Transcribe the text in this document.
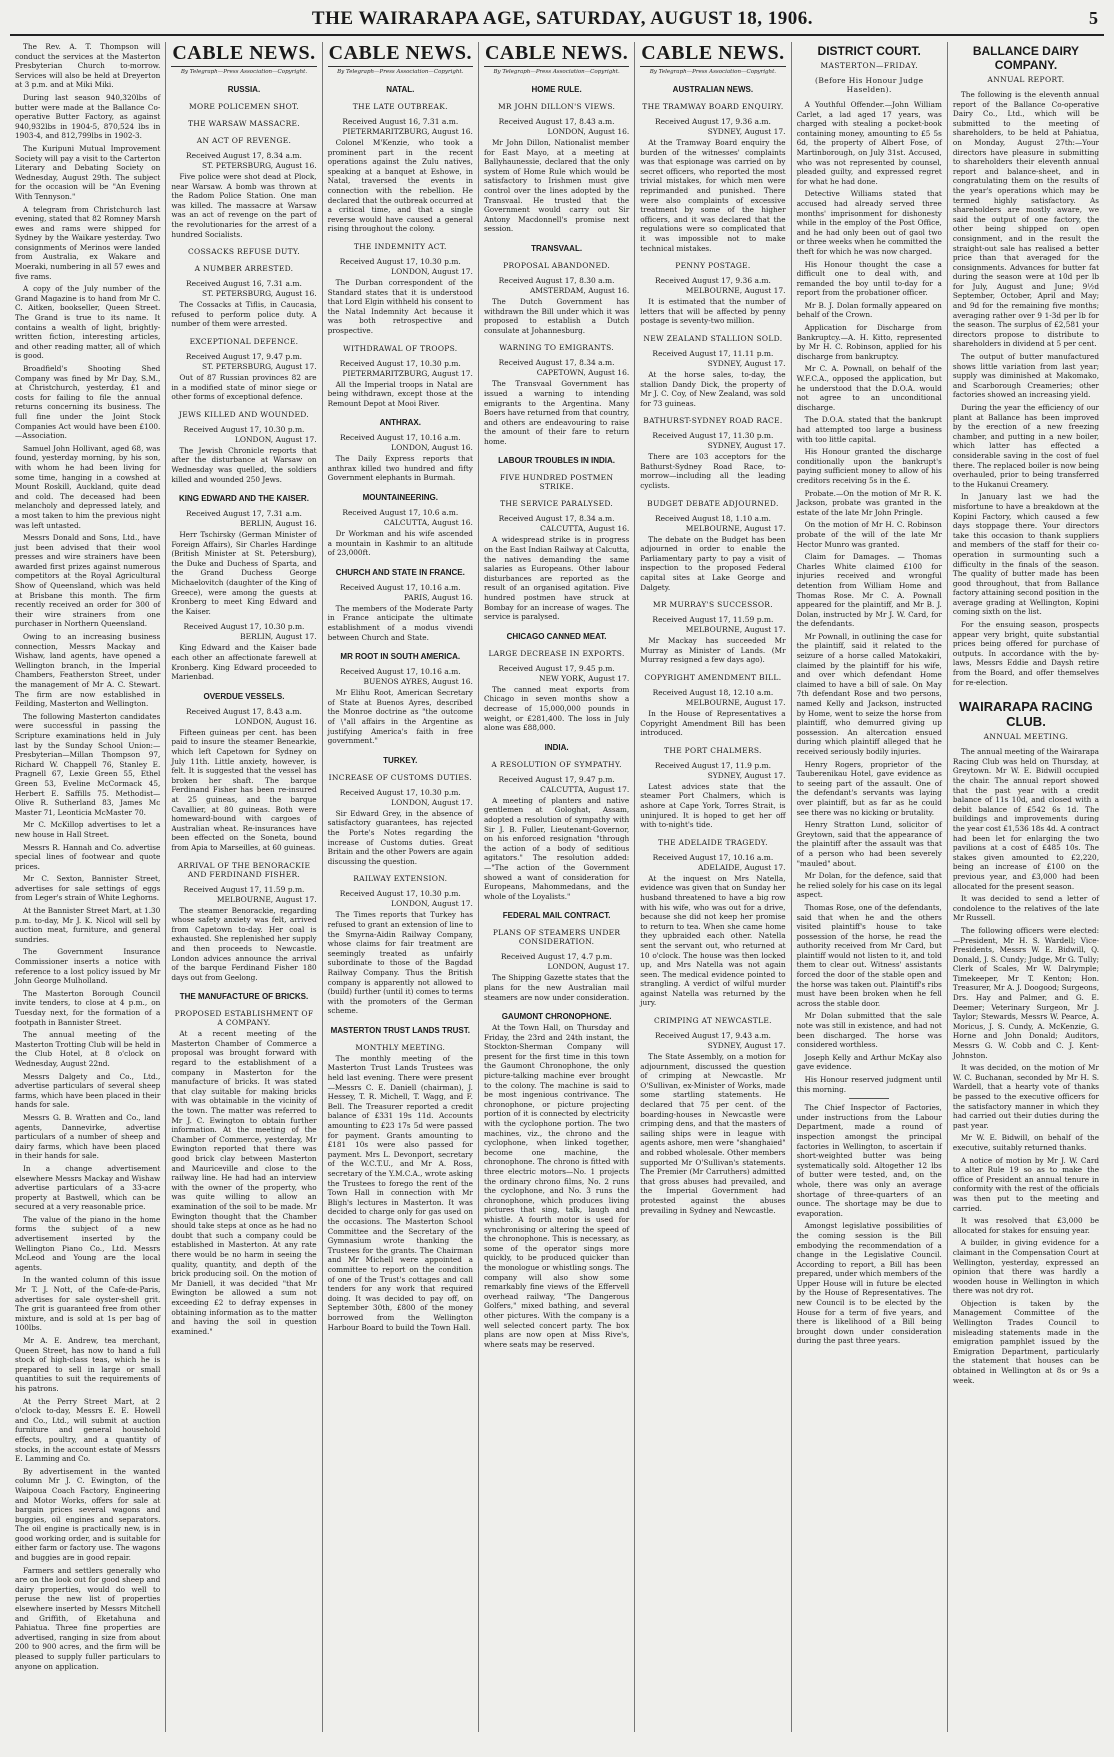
THE WAIRARAPA AGE, SATURDAY, AUGUST 18, 1906.	5

The Rev. A. T. Thompson will conduct the services at the Masterton Presbyterian Church to-morrow. Services will also be held at Dreyerton at 3 p.m. and at Miki Miki.

During last season 940,320lbs of butter were made at the Ballance Co-operative Butter Factory, as against 940,932lbs in 1904-5, 870,524 lbs in 1903-4, and 812,799lbs in 1902-3.

The Kuripuni Mutual Improvement Society will pay a visit to the Carterton Literary and Debating Society on Wednesday, August 29th. The subject for the occasion will be "An Evening With Tennyson."

A telegram from Christchurch last evening, stated that 82 Romney Marsh ewes and rams were shipped for Sydney by the Waikare yesterday. Two consignments of Merinos were landed from Australia, ex Wakare and Moeraki, numbering in all 57 ewes and five rams.

A copy of the July number of the Grand Magazine is to hand from Mr C. C. Aitken, bookseller, Queen Street. The Grand is true to its name. It contains a wealth of light, brightly-written fiction, interesting articles, and other reading matter, all of which is good.

Broadfield's Shooting Shed Company was fined by Mr Day, S.M., at Christchurch, yesterday, £1 and costs for failing to file the annual returns concerning its business. The full fine under the Joint Stock Companies Act would have been £100.—Association.

Samuel John Hollivant, aged 68, was found, yesterday morning, by his son, with whom he had been living for some time, hanging in a cowshed at Mount Roskill, Auckland, quite dead and cold. The deceased had been melancholy and depressed lately, and a most taken to him the previous night was left untasted.

Messrs Donald and Sons, Ltd., have just been advised that their wool presses and wire strainers have been awarded first prizes against numerous competitors at the Royal Agricultural Show of Queensland, which was held at Brisbane this month. The firm recently received an order for 300 of their wire strainers from one purchaser in Northern Queensland.

Owing to an increasing business connection, Messrs Mackay and Wishaw, land agents, have opened a Wellington branch, in the Imperial Chambers, Featherston Street, under the management of Mr A. C. Stewart. The firm are now established in Feilding, Masterton and Wellington.

The following Masterton candidates were successful in passing the Scripture examinations held in July last by the Sunday School Union:—Presbyterian—Millan Thompson 97, Richard W. Chappell 76, Stanley E. Pragnell 67, Lexie Green 55, Ethel Green 53, Eveline McCormack 45, Herbert E. Saffills 75. Methodist—Olive R. Sutherland 83, James Mc Master 71, Leonticia McMaster 70.

Mr C. McKillop advertises to let a new house in Hall Street.

Messrs R. Hannah and Co. advertise special lines of footwear and quote prices.

Mr C. Sexton, Bannister Street, advertises for sale settings of eggs from Leger's strain of White Leghorns.

At the Bannister Street Mart, at 1.30 p.m. to-day, Mr J. K. Nicol will sell by auction meat, furniture, and general sundries.

The Government Insurance Commissioner inserts a notice with reference to a lost policy issued by Mr John George Mulholland.

The Masterton Borough Council invite tenders, to close at 4 p.m., on Tuesday next, for the formation of a footpath in Bannister Street.

The annual meeting of the Masterton Trotting Club will be held in the Club Hotel, at 8 o'clock on Wednesday, August 22nd.

Messrs Dalgety and Co., Ltd., advertise particulars of several sheep farms, which have been placed in their hands for sale.

Messrs G. B. Wratten and Co., land agents, Dannevirke, advertise particulars of a number of sheep and dairy farms, which have been placed in their hands for sale.

In a change advertisement elsewhere Messrs Mackay and Wishaw advertise particulars of a 33-acre property at Bastwell, which can be secured at a very reasonable price.

The value of the piano in the home forms the subject of a new advertisement inserted by the Wellington Piano Co., Ltd. Messrs McLeod and Young are the local agents.

In the wanted column of this issue Mr T. J. Nott, of the Cafe-de-Paris, advertises for sale oyster-shell grit. The grit is guaranteed free from other mixture, and is sold at 1s per bag of 100lbs.

Mr A. E. Andrew, tea merchant, Queen Street, has now to hand a full stock of high-class teas, which he is prepared to sell in large or small quantities to suit the requirements of his patrons.

At the Perry Street Mart, at 2 o'clock to-day, Messrs E. E. Howell and Co., Ltd., will submit at auction furniture and general household effects, poultry, and a quantity of stocks, in the account estate of Messrs E. Lamming and Co.

By advertisement in the wanted column Mr J. C. Ewington, of the Waipoua Coach Factory, Engineering and Motor Works, offers for sale at bargain prices several wagons and buggies, oil engines and separators. The oil engine is practically new, is in good working order, and is suitable for either farm or factory use. The wagons and buggies are in good repair.

Farmers and settlers generally who are on the look out for good sheep and dairy properties, would do well to peruse the new list of properties elsewhere inserted by Messrs Mitchell and Griffith, of Eketahuna and Pahiatua. Three fine properties are advertised, ranging in size from about 200 to 900 acres, and the firm will be pleased to supply fuller particulars to anyone on application.

CABLE NEWS.
By Telegraph—Press Association—Copyright.
RUSSIA.
MORE POLICEMEN SHOT.
THE WARSAW MASSACRE.
AN ACT OF REVENGE.
Received August 17, 8.34 a.m.
ST. PETERSBURG, August 16.

Five police were shot dead at Plock, near Warsaw. A bomb was thrown at the Radom Police Station. One man was killed. The massacre at Warsaw was an act of revenge on the part of the revolutionaries for the arrest of a hundred Socialists.

COSSACKS REFUSE DUTY.
A NUMBER ARRESTED.
Received August 16, 7.31 a.m.
ST. PETERSBURG, August 16.

The Cossacks at Tiflis, in Caucasia, refused to perform police duty. A number of them were arrested.

EXCEPTIONAL DEFENCE.
Received August 17, 9.47 p.m.
ST. PETERSBURG, August 17.

Out of 87 Russian provinces 82 are in a modified state of minor siege or other forms of exceptional defence.

JEWS KILLED AND WOUNDED.
Received August 17, 10.30 p.m.
LONDON, August 17.

The Jewish Chronicle reports that after the disturbance at Warsaw on Wednesday was quelled, the soldiers killed and wounded 250 Jews.

KING EDWARD AND THE KAISER.
Received August 17, 7.31 a.m.
BERLIN, August 16.

Herr Tschirsky (German Minister of Foreign Affairs), Sir Charles Hardinge (British Minister at St. Petersburg), the Duke and Duchess of Sparta, and the Grand Duchess George Michaelovitch (daughter of the King of Greece), were among the guests at Kronberg to meet King Edward and the Kaiser.

Received August 17, 10.30 p.m.
BERLIN, August 17.

King Edward and the Kaiser bade each other an affectionate farewell at Kronberg. King Edward proceeded to Marienbad.

OVERDUE VESSELS.
Received August 17, 8.43 a.m.
LONDON, August 16.

Fifteen guineas per cent. has been paid to insure the steamer Benearkie, which left Capetown for Sydney on July 11th. Little anxiety, however, is felt. It is suggested that the vessel has broken her shaft. The barque Ferdinand Fisher has been re-insured at 25 guineas, and the barque Cavallier, at 80 guineas. Both were homeward-bound with cargoes of Australian wheat. Re-insurances have been effected on the Soneta, bound from Apia to Marseilles, at 60 guineas.

ARRIVAL OF THE BENORACKIE AND FERDINAND FISHER.
Received August 17, 11.59 p.m.
MELBOURNE, August 17.

The steamer Benorackie, regarding whose safety anxiety was felt, arrived from Capetown to-day. Her coal is exhausted. She replenished her supply and then proceeds to Newcastle. London advices announce the arrival of the barque Ferdinand Fisher 180 days out from Geelong.

THE MANUFACTURE OF BRICKS.
PROPOSED ESTABLISHMENT OF A COMPANY.

At a recent meeting of the Masterton Chamber of Commerce a proposal was brought forward with regard to the establishment of a company in Masterton for the manufacture of bricks. It was stated that clay suitable for making bricks with was obtainable in the vicinity of the town. The matter was referred to Mr J. C. Ewington to obtain further information. At the meeting of the Chamber of Commerce, yesterday, Mr Ewington reported that there was good brick clay between Masterton and Mauriceville and close to the railway line. He had had an interview with the owner of the property, who was quite willing to allow an examination of the soil to be made. Mr Ewington thought that the Chamber should take steps at once as he had no doubt that such a company could be established in Masterton. At any rate there would be no harm in seeing the quality, quantity, and depth of the brick producing soil. On the motion of Mr Daniell, it was decided "that Mr Ewington be allowed a sum not exceeding £2 to defray expenses in obtaining information as to the matter and having the soil in question examined."

CABLE NEWS.
By Telegraph—Press Association—Copyright.
NATAL.
THE LATE OUTBREAK.
Received August 16, 7.31 a.m.
PIETERMARITZBURG, August 16.

Colonel M'Kenzie, who took a prominent part in the recent operations against the Zulu natives, speaking at a banquet at Eshowe, in Natal, traversed the events in connection with the rebellion. He declared that the outbreak occurred at a critical time, and that a single reverse would have caused a general rising throughout the colony.

THE INDEMNITY ACT.
Received August 17, 10.30 p.m.
LONDON, August 17.

The Durban correspondent of the Standard states that it is understood that Lord Elgin withheld his consent to the Natal Indemnity Act because it was both retrospective and prospective.

WITHDRAWAL OF TROOPS.
Received August 17, 10.30 p.m.
PIETERMARITZBURG, August 17.

All the Imperial troops in Natal are being withdrawn, except those at the Remount Depot at Mooi River.

ANTHRAX.
Received August 17, 10.16 a.m.
LONDON, August 16.

The Daily Express reports that anthrax killed two hundred and fifty Government elephants in Burmah.

MOUNTAINEERING.
Received August 17, 10.6 a.m.
CALCUTTA, August 16.

Dr Workman and his wife ascended a mountain in Kashmir to an altitude of 23,000ft.

CHURCH AND STATE IN FRANCE.
Received August 17, 10.16 a.m.
PARIS, August 16.

The members of the Moderate Party in France anticipate the ultimate establishment of a modus vivendi between Church and State.

MR ROOT IN SOUTH AMERICA.
Received August 17, 10.16 a.m.
BUENOS AYRES, August 16.

Mr Elihu Root, American Secretary of State at Buenos Ayres, described the Monroe doctrine as "the outcome of \"all affairs in the Argentine as justifying America's faith in free government."

TURKEY.
INCREASE OF CUSTOMS DUTIES.
Received August 17, 10.30 p.m.
LONDON, August 17.

Sir Edward Grey, in the absence of satisfactory guarantees, has rejected the Porte's Notes regarding the increase of Customs duties. Great Britain and the other Powers are again discussing the question.

RAILWAY EXTENSION.
Received August 17, 10.30 p.m.
LONDON, August 17.

The Times reports that Turkey has refused to grant an extension of line to the Smyrna-Aidin Railway Company, whose claims for fair treatment are seemingly treated as unfairly subordinate to those of the Bagdad Railway Company. Thus the British company is apparently not allowed to (build) further (until it) comes to terms with the promoters of the German scheme.

MASTERTON TRUST LANDS TRUST.
MONTHLY MEETING.

The monthly meeting of the Masterton Trust Lands Trustees was held last evening. There were present—Messrs C. E. Daniell (chairman), J. Hessey, T. R. Michell, T. Wagg, and F. Bell. The Treasurer reported a credit balance of £331 19s 11d. Accounts amounting to £23 17s 5d were passed for payment. Grants amounting to £181 10s were also passed for payment. Mrs L. Devonport, secretary of the W.C.T.U., and Mr A. Ross, secretary of the Y.M.C.A., wrote asking the Trustees to forego the rent of the Town Hall in connection with Mr Bligh's lectures in Masterton. It was decided to charge only for gas used on the occasions. The Masterton School Committee and the Secretary of the Gymnasium wrote thanking the Trustees for the grants. The Chairman and Mr Michell were appointed a committee to report on the condition of one of the Trust's cottages and call tenders for any work that required doing. It was decided to pay off, on September 30th, £800 of the money borrowed from the Wellington Harbour Board to build the Town Hall.

CABLE NEWS.
By Telegraph—Press Association—Copyright.
HOME RULE.
MR JOHN DILLON'S VIEWS.
Received August 17, 8.43 a.m.
LONDON, August 16.

Mr John Dillon, Nationalist member for East Mayo, at a meeting at Ballyhaunessie, declared that the only system of Home Rule which would be satisfactory to Irishmen must give control over the lines adopted by the Transvaal. He trusted that the Government would carry out Sir Antony Macdonnell's promise next session.

TRANSVAAL.
PROPOSAL ABANDONED.
Received August 17, 8.30 a.m.
AMSTERDAM, August 16.

The Dutch Government has withdrawn the Bill under which it was proposed to establish a Dutch consulate at Johannesburg.

WARNING TO EMIGRANTS.
Received August 17, 8.34 a.m.
CAPETOWN, August 16.

The Transvaal Government has issued a warning to intending emigrants to the Argentina. Many Boers have returned from that country, and others are endeavouring to raise the amount of their fare to return home.

LABOUR TROUBLES IN INDIA.
FIVE HUNDRED POSTMEN STRIKE.
THE SERVICE PARALYSED.
Received August 17, 8.34 a.m.
CALCUTTA, August 16.

A widespread strike is in progress on the East Indian Railway at Calcutta, the natives demanding the same salaries as Europeans. Other labour disturbances are reported as the result of an organised agitation. Five hundred postmen have struck at Bombay for an increase of wages. The service is paralysed.

CHICAGO CANNED MEAT.
LARGE DECREASE IN EXPORTS.
Received August 17, 9.45 p.m.
NEW YORK, August 17.

The canned meat exports from Chicago in seven months show a decrease of 15,000,000 pounds in weight, or £281,400. The loss in July alone was £88,000.

INDIA.
A RESOLUTION OF SYMPATHY.
Received August 17, 9.47 p.m.
CALCUTTA, August 17.

A meeting of planters and native gentlemen at Gologhat, Assam, adopted a resolution of sympathy with Sir J. B. Fuller, Lieutenant-Governor, on his enforced resignation "through the action of a body of seditious agitators." The resolution added:—"The action of the Government showed a want of consideration for Europeans, Mahommedans, and the whole of the Loyalists."

FEDERAL MAIL CONTRACT.
PLANS OF STEAMERS UNDER CONSIDERATION.
Received August 17, 4.7 p.m.
LONDON, August 17.

The Shipping Gazette states that the plans for the new Australian mail steamers are now under consideration.

GAUMONT CHRONOPHONE.

At the Town Hall, on Thursday and Friday, the 23rd and 24th instant, the Stockton-Sherman Company will present for the first time in this town the Gaumont Chronophone, the only picture-talking machine ever brought to the colony. The machine is said to be most ingenious contrivance. The chronophone, or picture projecting portion of it is connected by electricity with the cyclophone portion. The two machines, viz., the chrono and the cyclophone, when linked together, become one machine, the chronophone. The chrono is fitted with three electric motors—No. 1 projects the ordinary chrono films, No. 2 runs the cyclophone, and No. 3 runs the chronophone, which produces living pictures that sing, talk, laugh and whistle. A fourth motor is used for synchronising or altering the speed of the chronophone. This is necessary, as some of the operator sings more quickly, to be produced quicker than the monologue or whistling songs. The company will also show some remarkably fine views of the Effervell overhead railway, "The Dangerous Golfers," mixed bathing, and several other pictures. With the company is a well selected concert party. The box plans are now open at Miss Rive's, where seats may be reserved.

CABLE NEWS.
By Telegraph—Press Association—Copyright.
AUSTRALIAN NEWS.
THE TRAMWAY BOARD ENQUIRY.
Received August 17, 9.36 a.m.
SYDNEY, August 17.

At the Tramway Board enquiry the burden of the witnesses' complaints was that espionage was carried on by secret officers, who reported the most trivial mistakes, for which men were reprimanded and punished. There were also complaints of excessive treatment by some of the higher officers, and it was declared that the regulations were so complicated that it was impossible not to make technical mistakes.

PENNY POSTAGE.
Received August 17, 9.36 a.m.
MELBOURNE, August 17.

It is estimated that the number of letters that will be affected by penny postage is seventy-two million.

NEW ZEALAND STALLION SOLD.
Received August 17, 11.11 p.m.
SYDNEY, August 17.

At the horse sales, to-day, the stallion Dandy Dick, the property of Mr J. C. Coy, of New Zealand, was sold for 73 guineas.

BATHURST-SYDNEY ROAD RACE.
Received August 17, 11.30 p.m.
SYDNEY, August 17.

There are 103 acceptors for the Bathurst-Sydney Road Race, to-morrow—including all the leading cyclists.

BUDGET DEBATE ADJOURNED.
Received August 18, 1.10 a.m.
MELBOURNE, August 17.

The debate on the Budget has been adjourned in order to enable the Parliamentary party to pay a visit of inspection to the proposed Federal capital sites at Lake George and Dalgety.

MR MURRAY'S SUCCESSOR.
Received August 17, 11.59 p.m.
MELBOURNE, August 17.

Mr Mackay has succeeded Mr Murray as Minister of Lands. (Mr Murray resigned a few days ago).

COPYRIGHT AMENDMENT BILL.
Received August 18, 12.10 a.m.
MELBOURNE, August 17.

In the House of Representatives a Copyright Amendment Bill has been introduced.

THE PORT CHALMERS.
Received August 17, 11.9 p.m.
SYDNEY, August 17.

Latest advices state that the steamer Port Chalmers, which is ashore at Cape York, Torres Strait, is uninjured. It is hoped to get her off with to-night's tide.

THE ADELAIDE TRAGEDY.
Received August 17, 10.16 a.m.
ADELAIDE, August 17.

At the inquest on Mrs Natella, evidence was given that on Sunday her husband threatened to have a big row with his wife, who was out for a drive, because she did not keep her promise to return to tea. When she came home they upbraided each other. Natella sent the servant out, who returned at 10 o'clock. The house was then locked up, and Mrs Natella was not again seen. The medical evidence pointed to strangling. A verdict of wilful murder against Natella was returned by the jury.

CRIMPING AT NEWCASTLE.
Received August 17, 9.43 a.m.
SYDNEY, August 17.

The State Assembly, on a motion for adjournment, discussed the question of crimping at Newcastle. Mr O'Sullivan, ex-Minister of Works, made some startling statements. He declared that 75 per cent. of the boarding-houses in Newcastle were crimping dens, and that the masters of sailing ships were in league with agents ashore, men were "shanghaied" and robbed wholesale. Other members supported Mr O'Sullivan's statements. The Premier (Mr Carruthers) admitted that gross abuses had prevailed, and the Imperial Government had protested against the abuses prevailing in Sydney and Newcastle.

DISTRICT COURT.
MASTERTON—FRIDAY.
(Before His Honour Judge Haselden).

A Youthful Offender.—John William Carlet, a lad aged 17 years, was charged with stealing a pocket-book containing money, amounting to £5 5s 6d, the property of Albert Fose, of Martinborough, on July 31st. Accused, who was not represented by counsel, pleaded guilty, and expressed regret for what he had done.

Detective Williams stated that accused had already served three months' imprisonment for dishonesty while in the employ of the Post Office, and he had only been out of gaol two or three weeks when he committed the theft for which he was now charged.

His Honour thought the case a difficult one to deal with, and remanded the boy until to-day for a report from the probationer officer.

Mr B. J. Dolan formally appeared on behalf of the Crown.

Application for Discharge from Bankruptcy.—A. H. Kitto, represented by Mr H. C. Robinson, applied for his discharge from bankruptcy.

Mr C. A. Pownall, on behalf of the W.F.C.A., opposed the application, but he understood that the D.O.A. would not agree to an unconditional discharge.

The D.O.A. stated that the bankrupt had attempted too large a business with too little capital.

His Honour granted the discharge conditionally upon the bankrupt's paying sufficient money to allow of his creditors receiving 5s in the £.

Probate.—On the motion of Mr R. K. Jackson, probate was granted in the estate of the late Mr John Pringle.

On the motion of Mr H. C. Robinson probate of the will of the late Mr Hector Munro was granted.

Claim for Damages. — Thomas Charles White claimed £100 for injuries received and wrongful detention from William Home and Thomas Rose. Mr C. A. Pownall appeared for the plaintiff, and Mr B. J. Dolan, instructed by Mr J. W. Card, for the defendants.

Mr Pownall, in outlining the case for the plaintiff, said it related to the seizure of a horse called Matokakiri, claimed by the plaintiff for his wife, and over which defendant Home claimed to have a bill of sale. On May 7th defendant Rose and two persons, named Kelly and Jackson, instructed by Home, went to seize the horse from plaintiff, who demurred giving up possession. An altercation ensued during which plaintiff alleged that he received seriously bodily injuries.

Henry Rogers, proprietor of the Tauberenikau Hotel, gave evidence as to seeing part of the assault. One of the defendant's servants was laying over plaintiff, but as far as he could see there was no kicking or brutality.

Henry Stratton Lund, solicitor of Greytown, said that the appearance of the plaintiff after the assault was that of a person who had been severely "mauled" about.

Mr Dolan, for the defence, said that he relied solely for his case on its legal aspect.

Thomas Rose, one of the defendants, said that when he and the others visited plaintiff's house to take possession of the horse, he read the authority received from Mr Card, but plaintiff would not listen to it, and told them to clear out. Witness' assistants forced the door of the stable open and the horse was taken out. Plaintiff's ribs must have been broken when he fell across the stable door.

Mr Dolan submitted that the sale note was still in existence, and had not been discharged. The horse was considered worthless.

Joseph Kelly and Arthur McKay also gave evidence.

His Honour reserved judgment until this morning.

The Chief Inspector of Factories, under instructions from the Labour Department, made a round of inspection amongst the principal factories in Wellington, to ascertain if short-weighted butter was being systematically sold. Altogether 12 lbs of butter were tested, and, on the whole, there was only an average shortage of three-quarters of an ounce. The shortage may be due to evaporation.

Amongst legislative possibilities of the coming session is the Bill embodying the recommendation of a change in the Legislative Council. According to report, a Bill has been prepared, under which members of the Upper House will in future be elected by the House of Representatives. The new Council is to be elected by the House for a term of five years, and there is likelihood of a Bill being brought down under consideration during the past three years.

BALLANCE DAIRY COMPANY.
ANNUAL REPORT.

The following is the eleventh annual report of the Ballance Co-operative Dairy Co., Ltd., which will be submitted to the meeting of shareholders, to be held at Pahiatua, on Monday, August 27th:—Your directors have pleasure in submitting to shareholders their eleventh annual report and balance-sheet, and in congratulating them on the results of the year's operations which may be termed highly satisfactory. As shareholders are mostly aware, we said the output of one factory, the other being shipped on open consignment, and in the result the straight-out sale has realised a better price than that averaged for the consignments. Advances for butter fat during the season were at 10d per lb for July, August and June; 9½d September, October, April and May; and 9d for the remaining five months; averaging rather over 9 1-3d per lb for the season. The surplus of £2,581 your directors propose to distribute to shareholders in dividend at 5 per cent.

The output of butter manufactured shows little variation from last year; supply was diminished at Makomako, and Scarborough Creameries; other factories showed an increasing yield.

During the year the efficiency of our plant at Ballance has been improved by the erection of a new freezing chamber, and putting in a new boiler, which latter has effected a considerable saving in the cost of fuel there. The replaced boiler is now being overhauled, prior to being transferred to the Hukanui Creamery.

In January last we had the misfortune to have a breakdown at the Kopini Factory, which caused a few days stoppage there. Your directors take this occasion to thank suppliers and members of the staff for their co-operation in surmounting such a difficulty in the finals of the season. The quality of butter made has been good throughout, that from Ballance factory attaining second position in the average grading at Wellington, Kopini coming sixth on the list.

For the ensuing season, prospects appear very bright, quite substantial prices being offered for purchase of outputs. In accordance with the by-laws, Messrs Eddie and Daysh retire from the Board, and offer themselves for re-election.

WAIRARAPA RACING CLUB.
ANNUAL MEETING.

The annual meeting of the Wairarapa Racing Club was held on Thursday, at Greytown. Mr W. E. Bidwill occupied the chair. The annual report showed that the past year with a credit balance of 11s 10d, and closed with a debit balance of £542 6s 1d. The buildings and improvements during the year cost £1,536 18s 4d. A contract had been let for enlarging the two pavilions at a cost of £485 10s. The stakes given amounted to £2,220, being an increase of £100 on the previous year, and £3,000 had been allocated for the present season.

It was decided to send a letter of condolence to the relatives of the late Mr Russell.

The following officers were elected:—President, Mr H. S. Wardell; Vice-Presidents, Messrs W. E. Bidwill, Q. Donald, J. S. Cundy; Judge, Mr G. Tully; Clerk of Scales, Mr W. Dalrymple; Timekeeper, Mr T. Kenton; Hon. Treasurer, Mr A. J. Doogood; Surgeons, Drs. Hay and Palmer, and G. E. Deemer; Veterinary Surgeon, Mr J. Taylor; Stewards, Messrs W. Pearce, A. Moricus, J. S. Cundy, A. McKenzie, G. Horne and John Donald; Auditors, Messrs G. W. Cobb and C. J. Kent-Johnston.

It was decided, on the motion of Mr W. C. Buchanan, seconded by Mr H. S. Wardell, that a hearty vote of thanks be passed to the executive officers for the satisfactory manner in which they had carried out their duties during the past year.

Mr W. E. Bidwill, on behalf of the executive, suitably returned thanks.

A notice of motion by Mr J. W. Card to alter Rule 19 so as to make the office of President an annual tenure in conformity with the rest of the officials was then put to the meeting and carried.

It was resolved that £3,000 be allocated for stakes for ensuing year.

A builder, in giving evidence for a claimant in the Compensation Court at Wellington, yesterday, expressed an opinion that there was hardly a wooden house in Wellington in which there was not dry rot.

Objection is taken by the Management Committee of the Wellington Trades Council to misleading statements made in the emigration pamphlet issued by the Emigration Department, particularly the statement that houses can be obtained in Wellington at 8s or 9s a week.
